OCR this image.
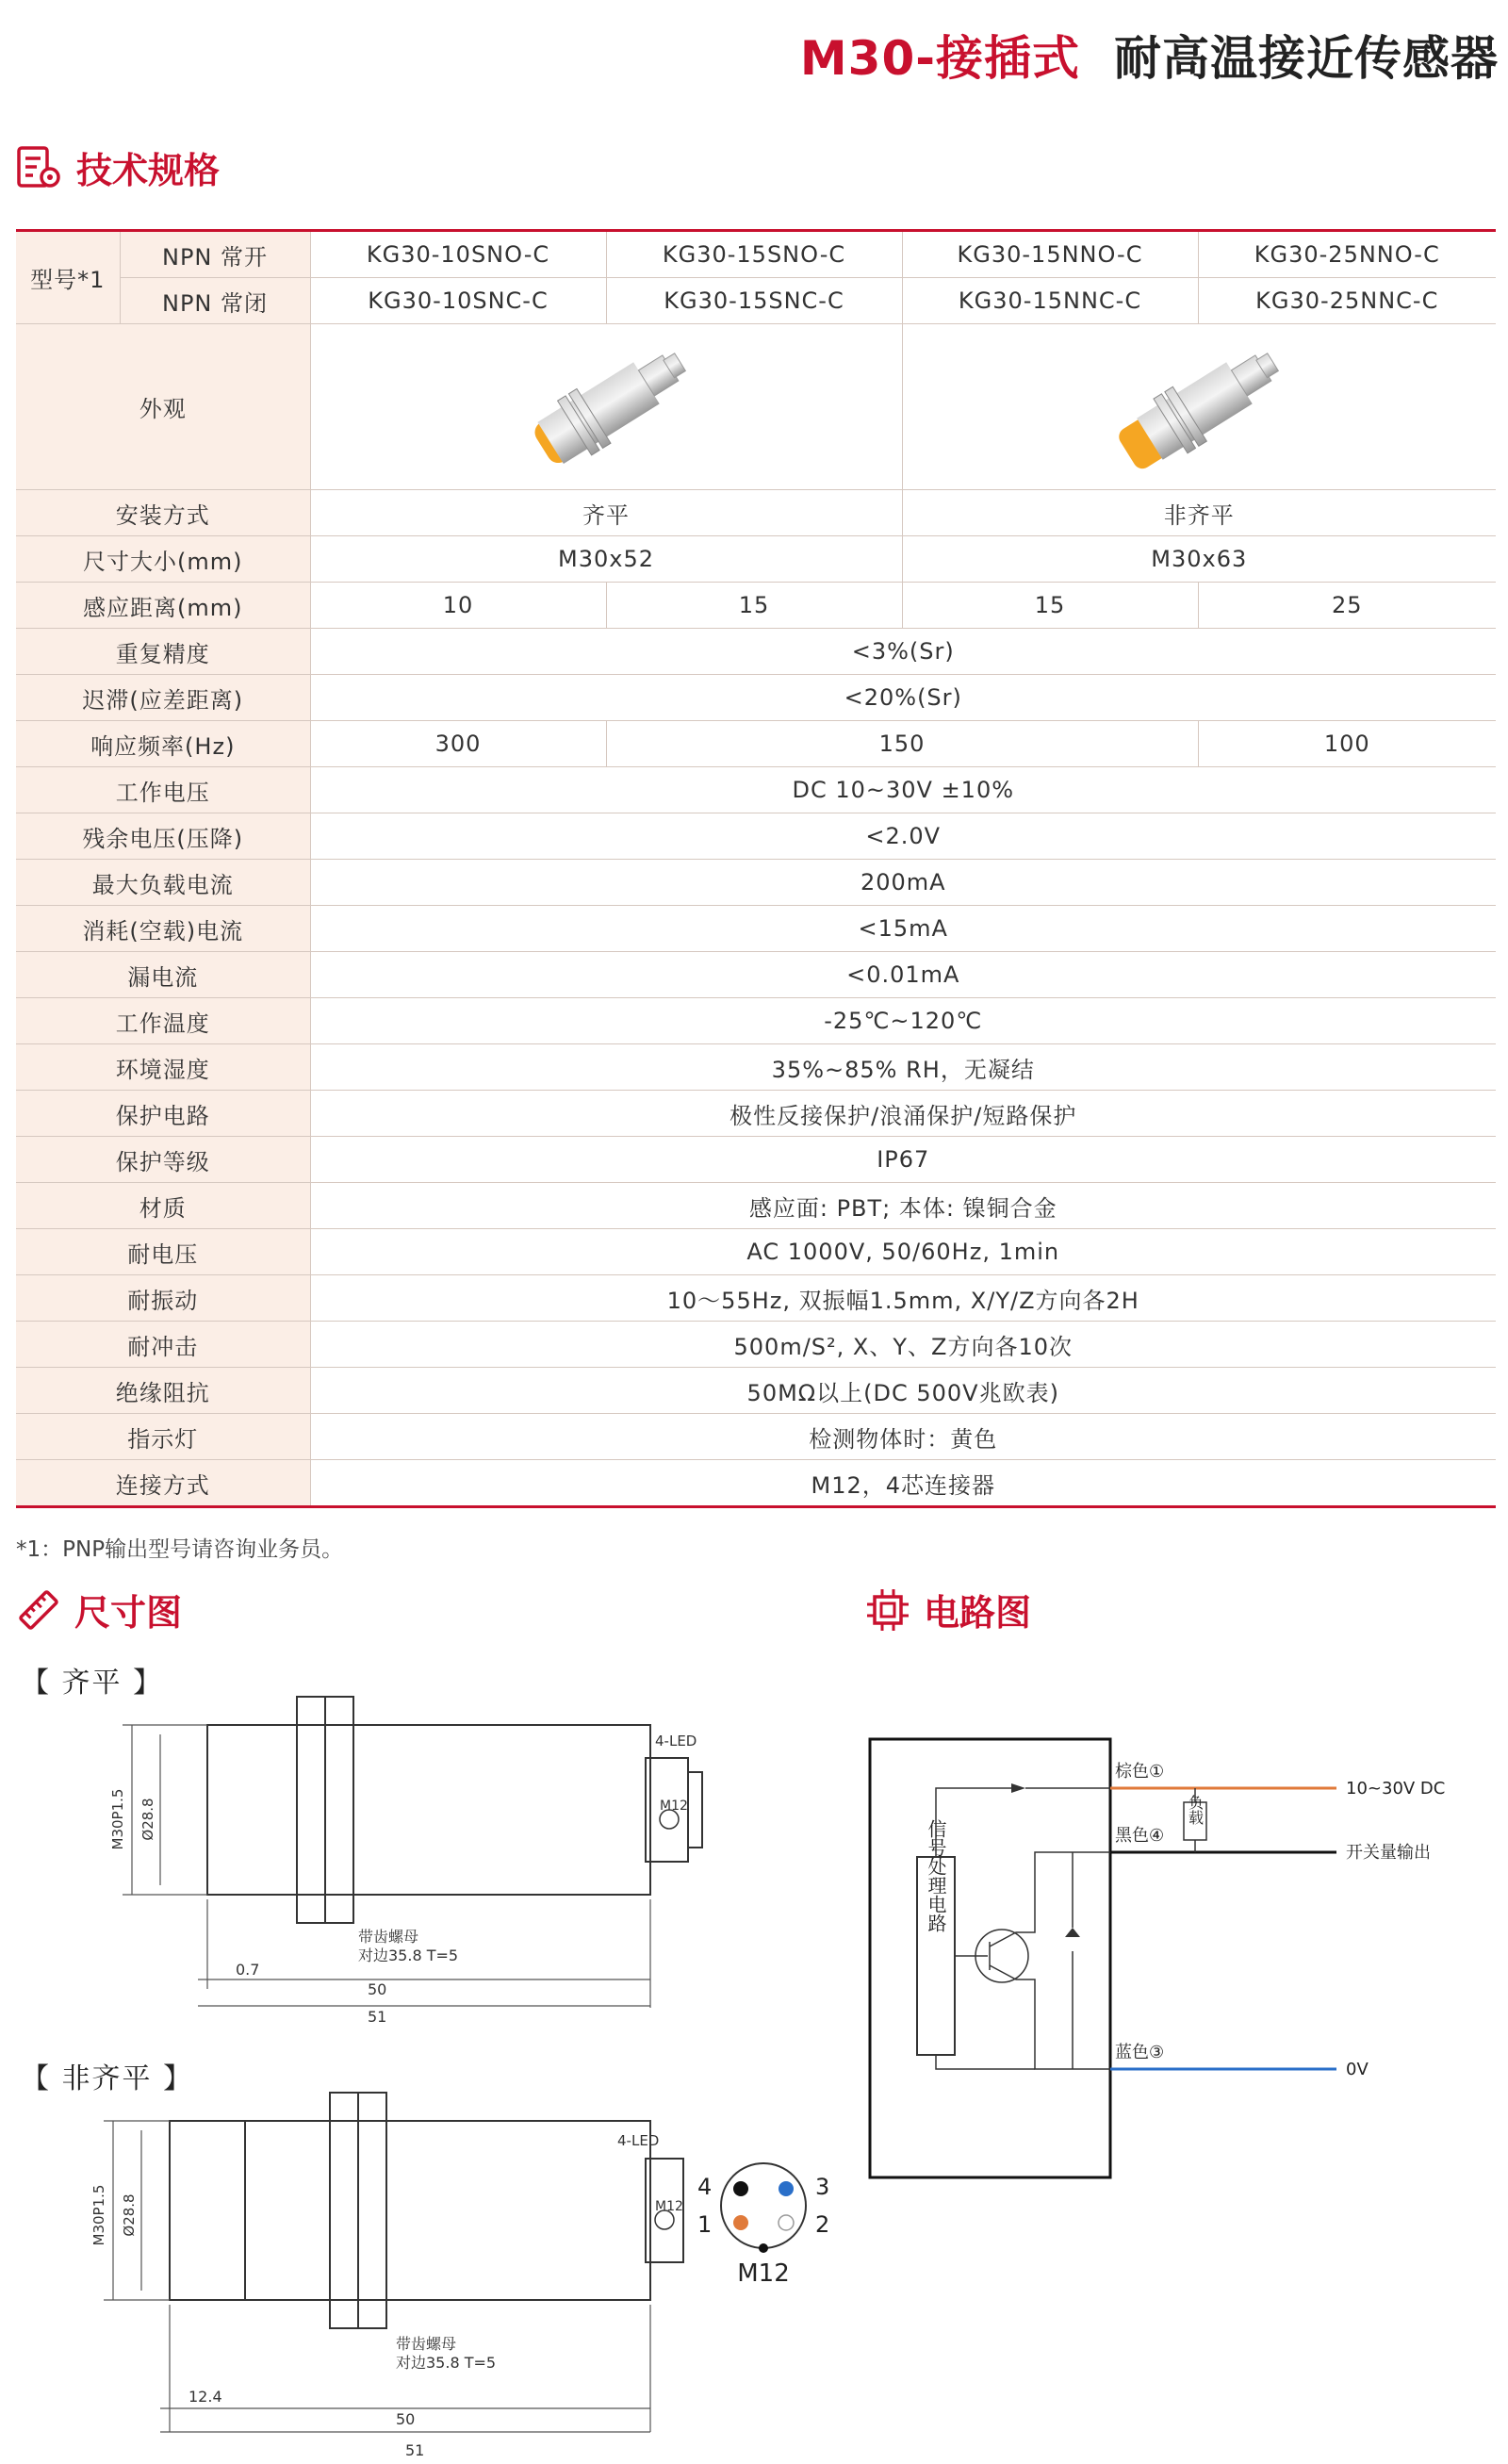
M30-接插式 耐高温接近传感器
技术规格
型号*1	NPN 常开	KG30-10SNO-C	KG30-15SNO-C	KG30-15NNO-C	KG30-25NNO-C
	NPN 常闭	KG30-10SNC-C	KG30-15SNC-C	KG30-15NNC-C	KG30-25NNC-C
外观	

安装方式		齐平		非齐平	
尺寸大小(mm)		M30x52		M30x63	
感应距离(mm)		10	15	15	25
重复精度		<3%(Sr)			
迟滞(应差距离)		<20%(Sr)			
响应频率(Hz)		300	150		100
工作电压		DC 10~30V ±10%			
残余电压(压降)		<2.0V			
最大负载电流		200mA			
消耗(空载)电流		<15mA			
漏电流		<0.01mA			
工作温度		-25℃~120℃			
环境湿度		35%~85% RH，无凝结			
保护电路		极性反接保护/浪涌保护/短路保护			
保护等级		IP67			
材质		感应面: PBT; 本体: 镍铜合金			
耐电压		AC 1000V, 50/60Hz, 1min			
耐振动		10～55Hz, 双振幅1.5mm, X/Y/Z方向各2H			
耐冲击		500m/S², X、Y、Z方向各10次			
绝缘阻抗		50MΩ以上(DC 500V兆欧表)			
指示灯		检测物体时：黄色			
连接方式		M12，4芯连接器			
*1：PNP输出型号请咨询业务员。
尺寸图	电路图
【 齐平 】
【 非齐平 】
M30P1.5 Ø28.8
4-LED
M12
带齿螺母
对边35.8 T=5
0.7
50
51
M30P1.5 Ø28.8
4-LED
M12
带齿螺母
对边35.8 T=5
12.4
50
51
4	3
1	2
M12
信号处理电路
负载
棕色①
黑色④
蓝色③
10~30V DC
开关量输出
0V
